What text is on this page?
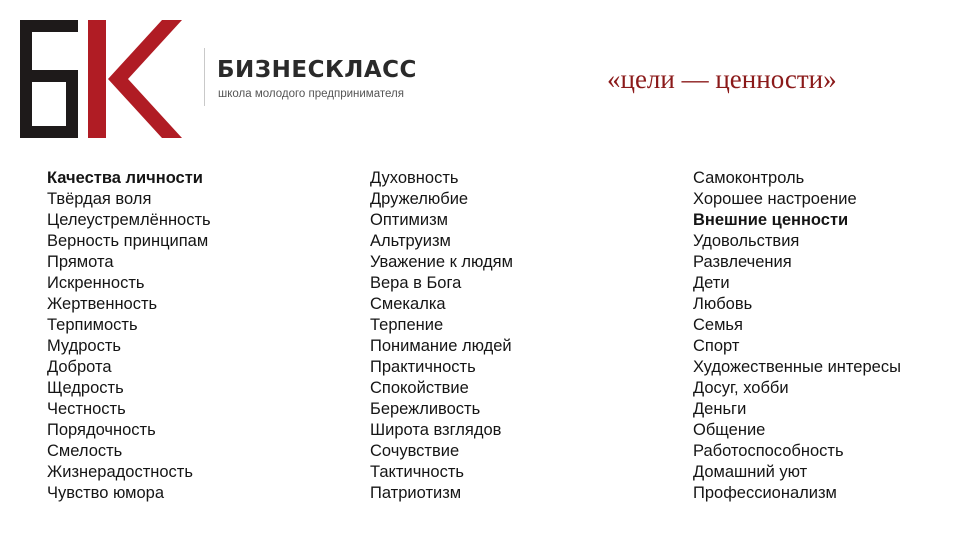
БИЗНЕСКЛАСС
школа молодого предпринимателя	«цели — ценности»
Качества личности
Твёрдая воля
Целеустремлённость
Верность принципам
Прямота
Искренность
Жертвенность
Терпимость
Мудрость
Доброта
Щедрость
Честность
Порядочность
Смелость
Жизнерадостность
Чувство юмора
Духовность
Дружелюбие
Оптимизм
Альтруизм
Уважение к людям
Вера в Бога
Смекалка
Терпение
Понимание людей
Практичность
Спокойствие
Бережливость
Широта взглядов
Сочувствие
Тактичность
Патриотизм
Самоконтроль
Хорошее настроение
Внешние ценности
Удовольствия
Развлечения
Дети
Любовь
Семья
Спорт
Художественные интересы
Досуг, хобби
Деньги
Общение
Работоспособность
Домашний уют
Профессионализм
